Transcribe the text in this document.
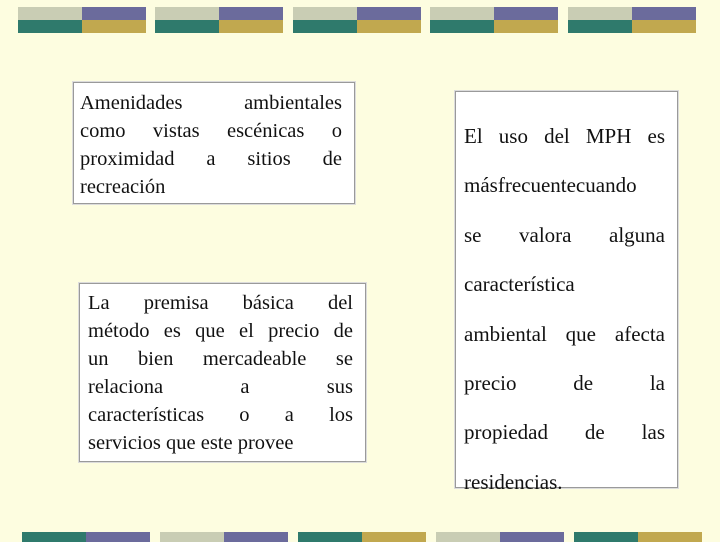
Amenidades ambientales
como vistas escénicas o
proximidad a sitios de
recreación
La premisa básica del
método es que el precio de
un bien mercadeable se
relaciona a sus
características o a los
servicios que este provee
El uso del MPH es
másfrecuentecuando
se valora alguna
característica
ambiental que afecta
precio de la
propiedad de las
residencias.
